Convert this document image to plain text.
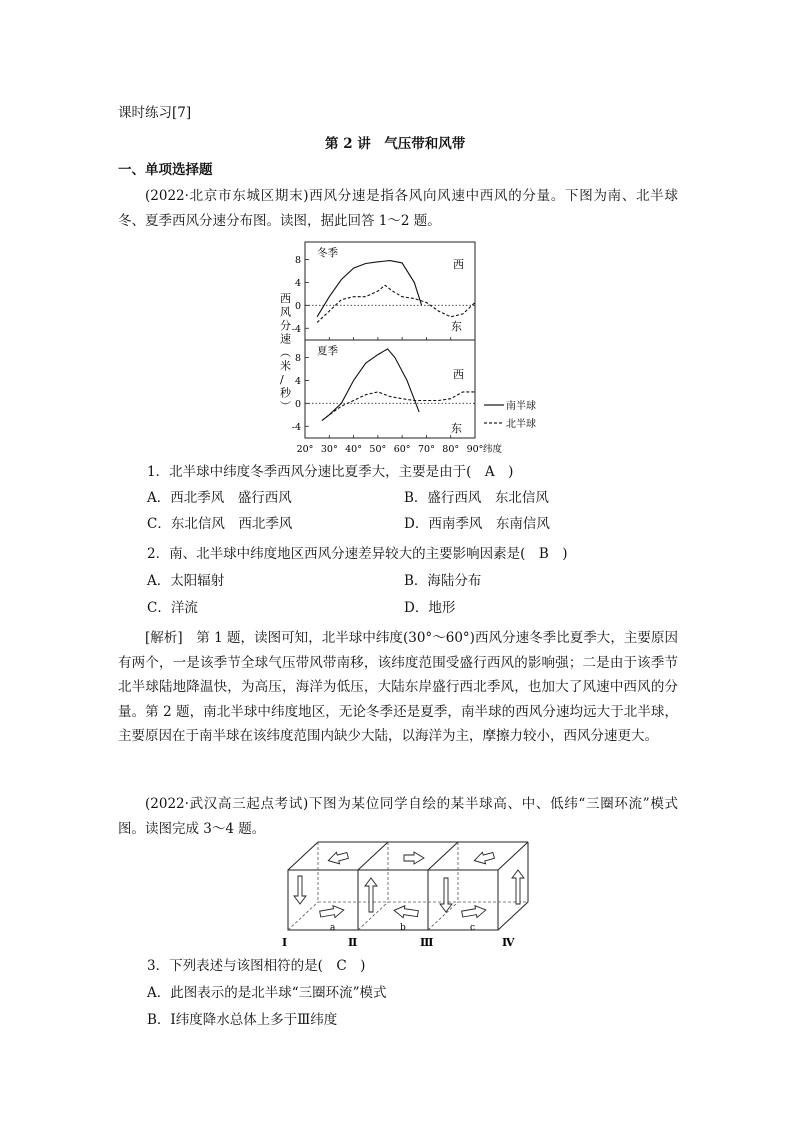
课时练习[7]
第 2 讲　气压带和风带
一、单项选择题
(2022·北京市东城区期末)西风分速是指各风向风速中西风的分量。下图为南、北半球冬、夏季西风分速分布图。读图，据此回答 1～2 题。
8
4
0
-4
冬季
西
东
8
4
0
-4
夏季
西
东
20° 30° 40° 50° 60° 70° 80° 90° 纬度
西风分速︵米/秒︶	南半球
北半球
1．北半球中纬度冬季西风分速比夏季大，主要是由于(　A　)
A．西北季风　盛行西风	B．盛行西风　东北信风
C．东北信风　西北季风	D．西南季风　东南信风
2．南、北半球中纬度地区西风分速差异较大的主要影响因素是(　B　)
A．太阳辐射	B．海陆分布
C．洋流	D．地形
[解析]　第 1 题，读图可知，北半球中纬度(30°～60°)西风分速冬季比夏季大，主要原因有两个，一是该季节全球气压带风带南移，该纬度范围受盛行西风的影响强；二是由于该季节北半球陆地降温快，为高压，海洋为低压，大陆东岸盛行西北季风，也加大了风速中西风的分量。第 2 题，南北半球中纬度地区，无论冬季还是夏季，南半球的西风分速均远大于北半球，主要原因在于南半球在该纬度范围内缺少大陆，以海洋为主，摩擦力较小，西风分速更大。
(2022·武汉高三起点考试)下图为某位同学自绘的某半球高、中、低纬“三圈环流”模式图。读图完成 3～4 题。
a	b	c
Ⅰ	Ⅱ	Ⅲ	Ⅳ
3．下列表述与该图相符的是(　C　)
A．此图表示的是北半球“三圈环流”模式
B．Ⅰ纬度降水总体上多于Ⅲ纬度
